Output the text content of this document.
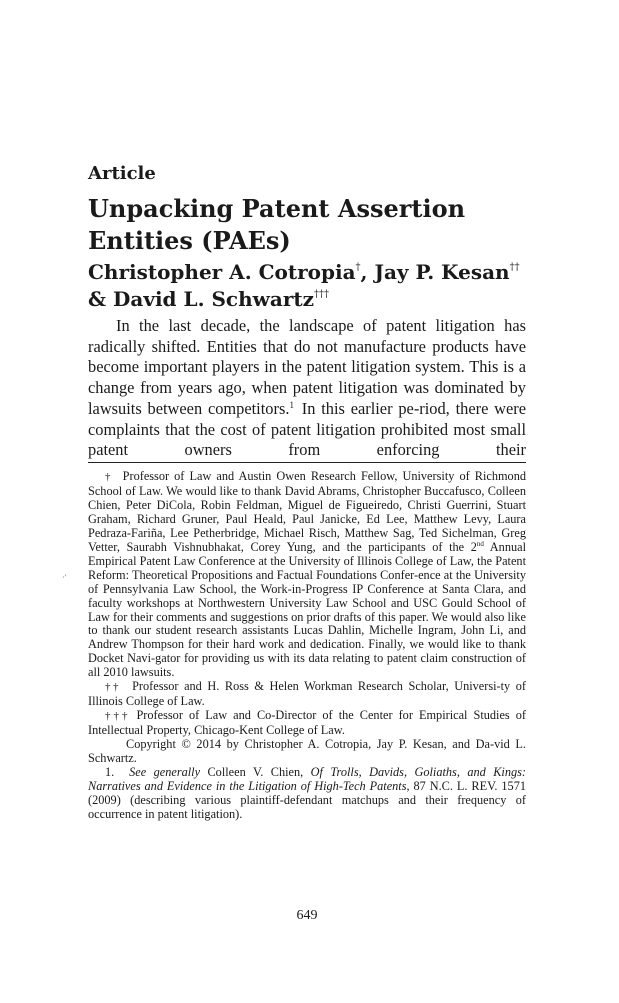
Article

Unpacking Patent Assertion Entities (PAEs)
Christopher A. Cotropia†, Jay P. Kesan†† & David L. Schwartz†††

In the last decade, the landscape of patent litigation has radically shifted. Entities that do not manufacture products have become important players in the patent litigation system. This is a change from years ago, when patent litigation was dominated by lawsuits between competitors.$^1$ In this earlier pe-riod, there were complaints that the cost of patent litigation prohibited most small patent owners from enforcing their

† Professor of Law and Austin Owen Research Fellow, University of Richmond School of Law. We would like to thank David Abrams, Christopher Buccafusco, Colleen Chien, Peter DiCola, Robin Feldman, Miguel de Figueiredo, Christi Guerrini, Stuart Graham, Richard Gruner, Paul Heald, Paul Janicke, Ed Lee, Matthew Levy, Laura Pedraza-Fariña, Lee Petherbridge, Michael Risch, Matthew Sag, Ted Sichelman, Greg Vetter, Saurabh Vishnubhakat, Corey Yung, and the participants of the 2nd Annual Empirical Patent Law Conference at the University of Illinois College of Law, the Patent Reform: Theoretical Propositions and Factual Foundations Confer-ence at the University of Pennsylvania Law School, the Work-in-Progress IP Conference at Santa Clara, and faculty workshops at Northwestern University Law School and USC Gould School of Law for their comments and suggestions on prior drafts of this paper. We would also like to thank our student research assistants Lucas Dahlin, Michelle Ingram, John Li, and Andrew Thompson for their hard work and dedication. Finally, we would like to thank Docket Navi-gator for providing us with its data relating to patent claim construction of all 2010 lawsuits.

†† Professor and H. Ross & Helen Workman Research Scholar, Universi-ty of Illinois College of Law.

††† Professor of Law and Co-Director of the Center for Empirical Studies of Intellectual Property, Chicago-Kent College of Law.

Copyright © 2014 by Christopher A. Cotropia, Jay P. Kesan, and Da-vid L. Schwartz.

1. See generally Colleen V. Chien, Of Trolls, Davids, Goliaths, and Kings: Narratives and Evidence in the Litigation of High-Tech Patents, 87 N.C. L. REV. 1571 (2009) (describing various plaintiff-defendant matchups and their frequency of occurrence in patent litigation).

649

·'
